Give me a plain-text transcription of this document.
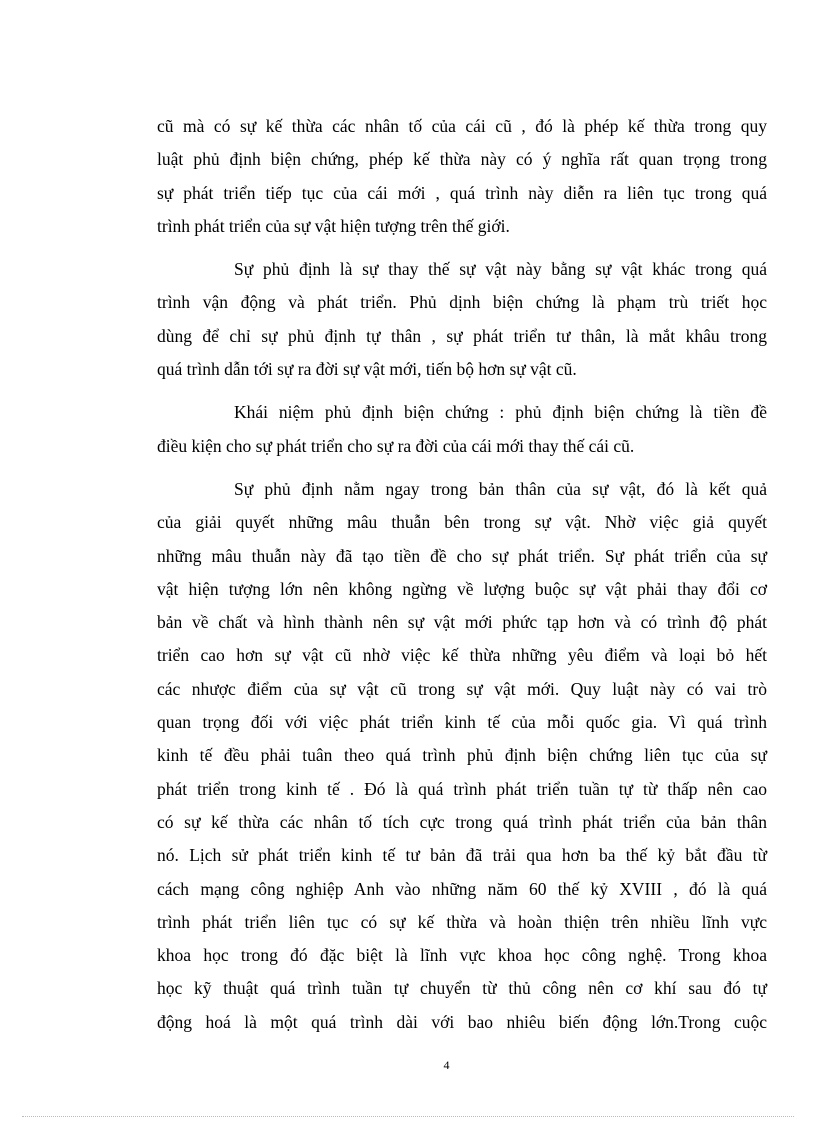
cũ mà có sự kế thừa các nhân tố của cái cũ , đó là phép kế thừa trong quy
luật phủ định biện chứng, phép kế thừa này có ý nghĩa rất quan trọng trong
sự phát triển tiếp tục của cái mới , quá trình này diễn ra liên tục trong quá
trình phát triển của sự vật hiện tượng trên thế giới.
Sự phủ định là sự thay thế sự vật này bằng sự vật khác trong quá
trình vận động và phát triển. Phủ dịnh biện chứng là phạm trù triết học
dùng để chỉ sự phủ định tự thân , sự phát triển tư thân, là mắt khâu trong
quá trình dẫn tới sự ra đời sự vật mới, tiến bộ hơn sự vật cũ.
Khái niệm phủ định biện chứng : phủ định biện chứng là tiền đề
điều kiện cho sự phát triển cho sự ra đời của cái mới thay thế cái cũ.
Sự phủ định nằm ngay trong bản thân của sự vật, đó là kết quả
của giải quyết những mâu thuẫn bên trong sự vật. Nhờ việc giả quyết
những mâu thuẫn này đã tạo tiền đề cho sự phát triển. Sự phát triển của sự
vật hiện tượng lớn nên không ngừng về lượng buộc sự vật phải thay đổi cơ
bản về chất và hình thành nên sự vật mới phức tạp hơn và có trình độ phát
triển cao hơn sự vật cũ nhờ việc kế thừa những yêu điểm và loại bỏ hết
các nhược điểm của sự vật cũ trong sự vật mới. Quy luật này có vai trò
quan trọng đối với việc phát triển kinh tế của mỗi quốc gia. Vì quá trình
kinh tế đều phải tuân theo quá trình phủ định biện chứng liên tục của sự
phát triển trong kinh tế . Đó là quá trình phát triển tuần tự từ thấp nên cao
có sự kế thừa các nhân tố tích cực trong quá trình phát triển của bản thân
nó. Lịch sử phát triển kinh tế tư bản đã trải qua hơn ba thế kỷ bắt đầu từ
cách mạng công nghiệp Anh vào những năm 60 thế kỷ XVIII , đó là quá
trình phát triển liên tục có sự kế thừa và hoàn thiện trên nhiều lĩnh vực
khoa học trong đó đặc biệt là lĩnh vực khoa học công nghệ. Trong khoa
học kỹ thuật quá trình tuần tự chuyển từ thủ công nên cơ khí sau đó tự
động hoá là một quá trình dài với bao nhiêu biến động lớn.Trong cuộc
4
